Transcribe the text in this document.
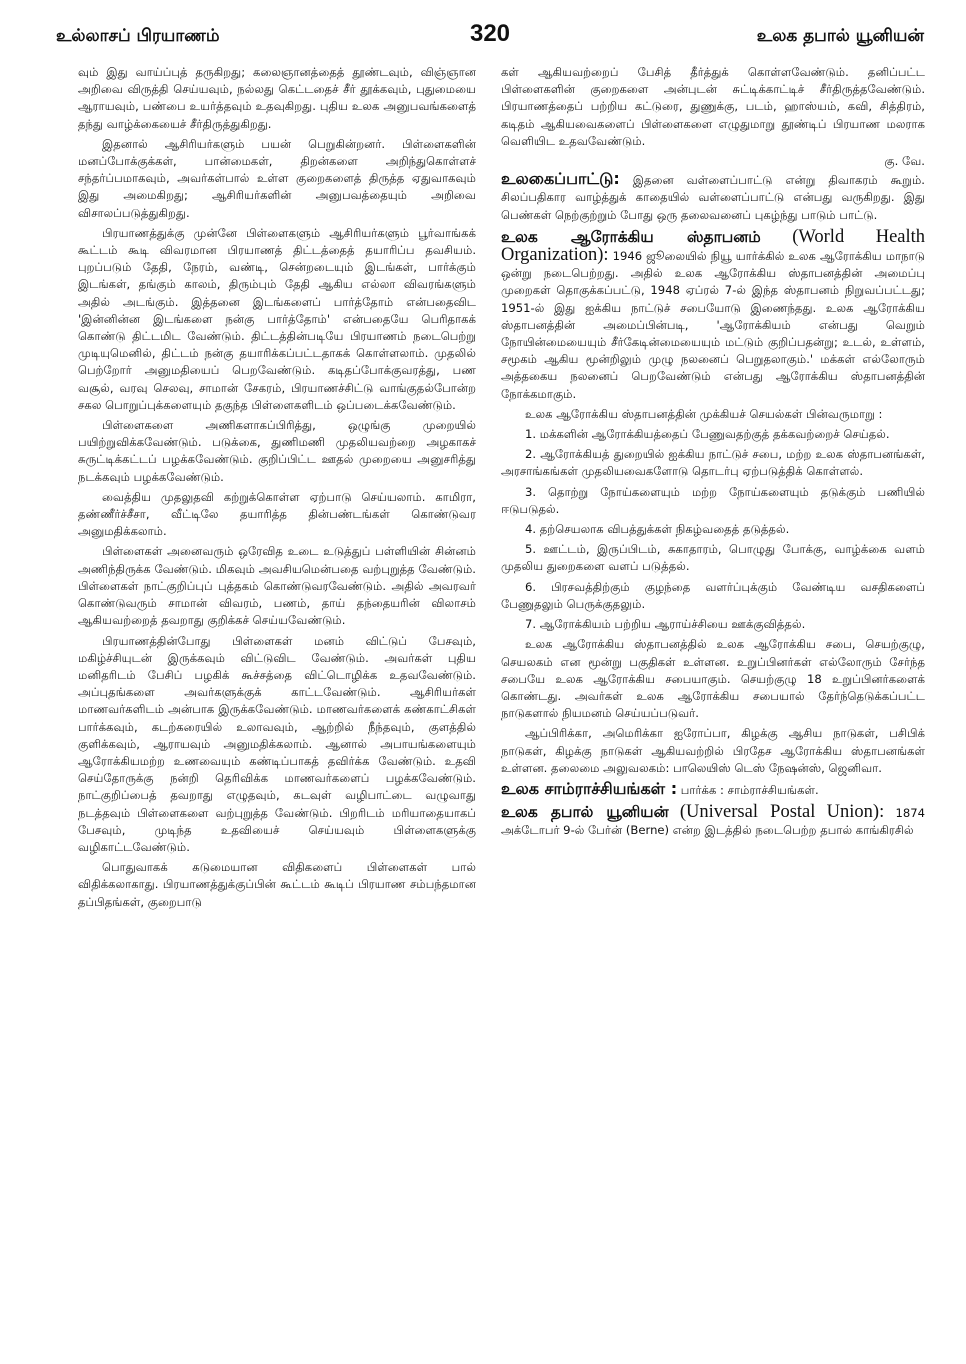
உல்லாசப் பிரயாணம்	320	உலக தபால் யூனியன்

வும் இது வாய்ப்புத் தருகிறது; கலைஞானத்தைத் தூண்டவும், விஞ்ஞான அறிவை விருத்தி செய்யவும், நல்லது கெட்டதைச் சீர் தூக்கவும், புதுமையை ஆராயவும், பண்பை உயர்த்தவும் உதவுகிறது. புதிய உலக அனுபவங்களைத் தந்து வாழ்க்கையைச் சீர்திருத்துகிறது.

இதனால் ஆசிரியர்களும் பயன் பெறுகின்றனர். பிள்ளைகளின் மனப்போக்குக்கள், பான்மைகள், திறன்களை அறிந்துகொள்ளச் சந்தர்ப்பமாகவும், அவர்கள்பால் உள்ள குறைகளைத் திருத்த ஏதுவாகவும் இது அமைகிறது; ஆசிரியர்களின் அனுபவத்தையும் அறிவை விசாலப்படுத்துகிறது.

பிரயாணத்துக்கு முன்னே பிள்ளைகளும் ஆசிரியர்களும் பூர்வாங்கக் கூட்டம் கூடி விவரமான பிரயாணத் திட்டத்தைத் தயாரிப்ப தவசியம். புறப்படும் தேதி, நேரம், வண்டி, சென்றடையும் இடங்கள், பார்க்கும் இடங்கள், தங்கும் காலம், திரும்பும் தேதி ஆகிய எல்லா விவரங்களும் அதில் அடங்கும். இத்தனை இடங்களைப் பார்த்தோம் என்பதைவிட 'இன்னின்ன இடங்களை நன்கு பார்த்தோம்' என்பதையே பெரிதாகக் கொண்டு திட்டமிட வேண்டும். திட்டத்தின்படியே பிரயாணம் நடைபெற்று முடியுமெனில், திட்டம் நன்கு தயாரிக்கப்பட்டதாகக் கொள்ளலாம். முதலில் பெற்றோர் அனுமதியைப் பெறவேண்டும். கடிதப்போக்குவரத்து, பண வசூல், வரவு செலவு, சாமான் சேகரம், பிரயாணச்சிட்டு வாங்குதல்போன்ற சகல பொறுப்புக்களையும் தகுந்த பிள்ளைகளிடம் ஒப்படைக்கவேண்டும்.

பிள்ளைகளை அணிகளாகப்பிரித்து, ஒழுங்கு முறையில் பயிற்றுவிக்கவேண்டும். படுக்கை, துணிமணி முதலியவற்றை அழகாகச் சுருட்டிக்கட்டப் பழக்கவேண்டும். குறிப்பிட்ட ஊதல் முறையை அனுசரித்து நடக்கவும் பழக்கவேண்டும்.

வைத்திய முதலுதவி கற்றுக்கொள்ள ஏற்பாடு செய்யலாம். காமிரா, தண்ணீர்ச்சீசா, வீட்டிலே தயாரித்த தின்பண்டங்கள் கொண்டுவர அனுமதிக்கலாம்.

பிள்ளைகள் அனைவரும் ஒரேவித உடை உடுத்துப் பள்ளியின் சின்னம் அணிந்திருக்க வேண்டும். மிகவும் அவசியமென்பதை வற்புறுத்த வேண்டும். பிள்ளைகள் நாட்குறிப்புப் புத்தகம் கொண்டுவரவேண்டும். அதில் அவரவர் கொண்டுவரும் சாமான் விவரம், பணம், தாய் தந்தையரின் விலாசம் ஆகியவற்றைத் தவறாது குறிக்கச் செய்யவேண்டும்.

பிரயாணத்தின்போது பிள்ளைகள் மனம் விட்டுப் பேசவும், மகிழ்ச்சியுடன் இருக்கவும் விட்டுவிட வேண்டும். அவர்கள் புதிய மனிதரிடம் பேசிப் பழகிக் கூச்சத்தை விட்டொழிக்க உதவவேண்டும். அப்புதங்களை அவர்களுக்குக் காட்டவேண்டும். ஆசிரியர்கள் மாணவர்களிடம் அன்பாக இருக்கவேண்டும். மாணவர்களைக் கண்காட்சிகள் பார்க்கவும், கடற்கரையில் உலாவவும், ஆற்றில் நீந்தவும், குளத்தில் குளிக்கவும், ஆராயவும் அனுமதிக்கலாம். ஆனால் அபாயங்களையும் ஆரோக்கியமற்ற உணவையும் கண்டிப்பாகத் தவிர்க்க வேண்டும். உதவி செய்தோருக்கு நன்றி தெரிவிக்க மாணவர்களைப் பழக்கவேண்டும். நாட்குறிப்பைத் தவறாது எழுதவும், கடவுள் வழிபாட்டை வழுவாது நடத்தவும் பிள்ளைகளை வற்புறுத்த வேண்டும். பிறரிடம் மரியாதையாகப் பேசவும், முடிந்த உதவியைச் செய்யவும் பிள்ளைகளுக்கு வழிகாட்டவேண்டும்.

பொதுவாகக் கடுமையான விதிகளைப் பிள்ளைகள் பால் விதிக்கலாகாது. பிரயாணத்துக்குப்பின் கூட்டம் கூடிப் பிரயாண சம்பந்தமான தப்பிதங்கள், குறைபாடு

கள் ஆகியவற்றைப் பேசித் தீர்த்துக் கொள்ளவேண்டும். தனிப்பட்ட பிள்ளைகளின் குறைகளை அன்புடன் சுட்டிக்காட்டிச் சீர்திருத்தவேண்டும். பிரயாணத்தைப் பற்றிய கட்டுரை, துணுக்கு, படம், ஹாஸ்யம், கவி, சித்திரம், கடிதம் ஆகியவைகளைப் பிள்ளைகளை எழுதுமாறு தூண்டிப் பிரயாண மலராக வெளியிட உதவவேண்டும்.

கு. வே.

உலகைப்பாட்டு: இதனை வள்ளைப்பாட்டு என்று திவாகரம் கூறும். சிலப்பதிகார வாழ்த்துக் காதையில் வள்ளைப்பாட்டு என்பது வருகிறது. இது பெண்கள் நெற்குற்றும் போது ஒரு தலைவனைப் புகழ்ந்து பாடும் பாட்டு.

உலக ஆரோக்கிய ஸ்தாபனம் (World Health Organization): 1946 ஜூலையில் நியூ யார்க்கில் உலக ஆரோக்கிய மாநாடு ஒன்று நடைபெற்றது. அதில் உலக ஆரோக்கிய ஸ்தாபனத்தின் அமைப்பு முறைகள் தொகுக்கப்பட்டு, 1948 ஏப்ரல் 7-ல் இந்த ஸ்தாபனம் நிறுவப்பட்டது; 1951-ல் இது ஐக்கிய நாட்டுச் சபையோடு இணைந்தது. உலக ஆரோக்கிய ஸ்தாபனத்தின் அமைப்பின்படி, 'ஆரோக்கியம் என்பது வெறும் நோயின்மையையும் சீர்கேடின்மையையும் மட்டும் குறிப்பதன்று; உடல், உள்ளம், சமூகம் ஆகிய மூன்றிலும் முழு நலனைப் பெறுதலாகும்.' மக்கள் எல்லோரும் அத்தகைய நலனைப் பெறவேண்டும் என்பது ஆரோக்கிய ஸ்தாபனத்தின் நோக்கமாகும்.

உலக ஆரோக்கிய ஸ்தாபனத்தின் முக்கியச் செயல்கள் பின்வருமாறு :

1. மக்களின் ஆரோக்கியத்தைப் பேணுவதற்குத் தக்கவற்றைச் செய்தல்.

2. ஆரோக்கியத் துறையில் ஐக்கிய நாட்டுச் சபை, மற்ற உலக ஸ்தாபனங்கள், அரசாங்கங்கள் முதலியவைகளோடு தொடர்பு ஏற்படுத்திக் கொள்ளல்.

3. தொற்று நோய்களையும் மற்ற நோய்களையும் தடுக்கும் பணியில் ஈடுபடுதல்.

4. தற்செயலாக விபத்துக்கள் நிகழ்வதைத் தடுத்தல்.

5. ஊட்டம், இருப்பிடம், சுகாதாரம், பொழுது போக்கு, வாழ்க்கை வளம் முதலிய துறைகளை வளப் படுத்தல்.

6. பிரசவத்திற்கும் குழந்தை வளர்ப்புக்கும் வேண்டிய வசதிகளைப் பேணுதலும் பெருக்குதலும்.

7. ஆரோக்கியம் பற்றிய ஆராய்ச்சியை ஊக்குவித்தல்.

உலக ஆரோக்கிய ஸ்தாபனத்தில் உலக ஆரோக்கிய சபை, செயற்குழு, செயலகம் என மூன்று பகுதிகள் உள்ளன. உறுப்பினர்கள் எல்லோரும் சேர்ந்த சபையே உலக ஆரோக்கிய சபையாகும். செயற்குழு 18 உறுப்பினர்களைக் கொண்டது. அவர்கள் உலக ஆரோக்கிய சபையால் தேர்ந்தெடுக்கப்பட்ட நாடுகளால் நியமனம் செய்யப்படுவர்.

ஆப்பிரிக்கா, அமெரிக்கா ஐரோப்பா, கிழக்கு ஆசிய நாடுகள், பசிபிக் நாடுகள், கிழக்கு நாடுகள் ஆகியவற்றில் பிரதேச ஆரோக்கிய ஸ்தாபனங்கள் உள்ளன. தலைமை அலுவலகம்: பாலெயிஸ் டெஸ் நேஷன்ஸ், ஜெனிவா.

உலக சாம்ராச்சியங்கள் : பார்க்க : சாம்ராச்சியங்கள்.

உலக தபால் யூனியன் (Universal Postal Union): 1874 அக்டோபர் 9-ல் பேர்ன் (Berne) என்ற இடத்தில் நடைபெற்ற தபால் காங்கிரசில்
